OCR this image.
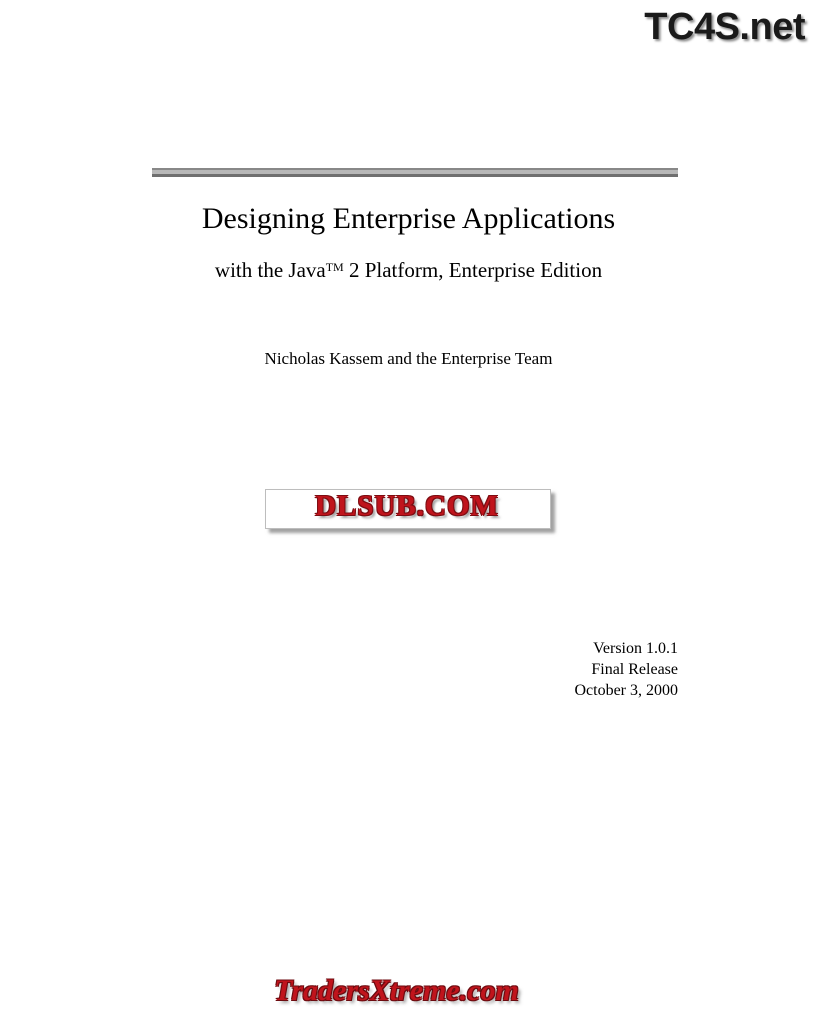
TC4S.net
Designing Enterprise Applications

with the Java™ 2 Platform, Enterprise Edition

Nicholas Kassem and the Enterprise Team

DLSUB.COM
Version 1.0.1
Final Release
October 3, 2000
TradersXtreme.com
